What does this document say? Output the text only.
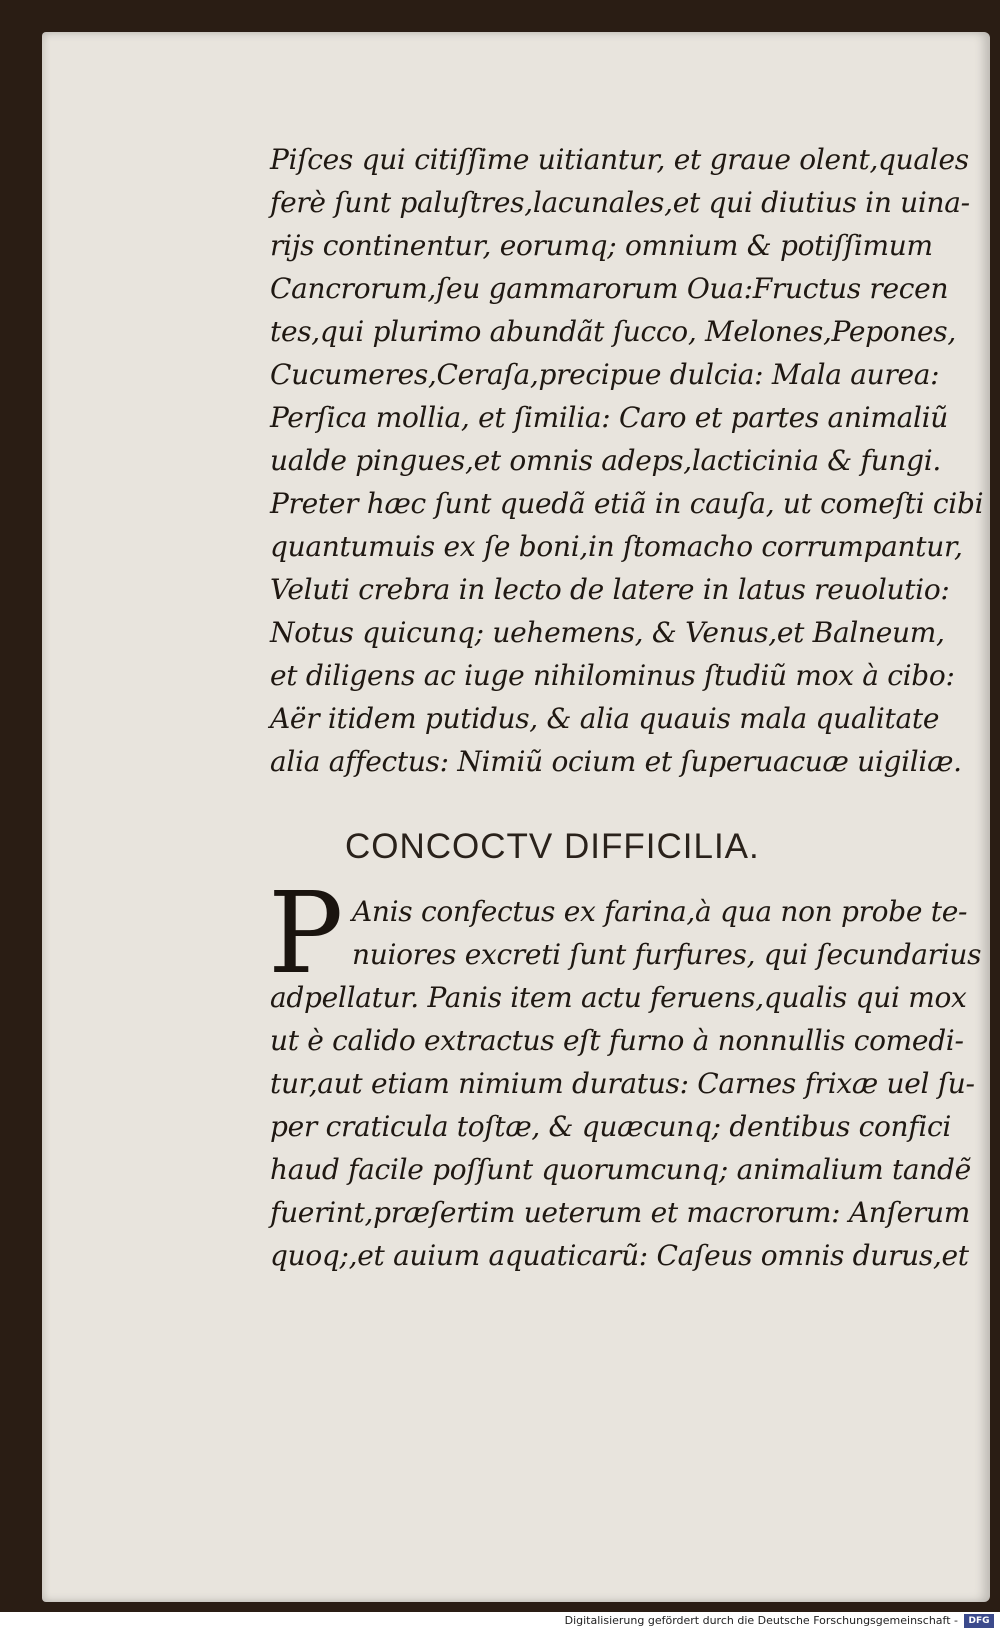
Piſces qui citiſſime uitiantur, et graue olent,quales
ferè ſunt paluſtres,lacunales,et qui diutius in uina-
rijs continentur, eorumq; omnium & potiſſimum
Cancrorum,ſeu gammarorum Oua:Fructus recen
tes,qui plurimo abundãt ſucco, Melones,Pepones,
Cucumeres,Ceraſa,precipue dulcia: Mala aurea:
Perſica mollia, et ſimilia: Caro et partes animaliũ
ualde pingues,et omnis adeps,lacticinia & fungi.
Preter hæc ſunt quedã etiã in cauſa, ut comeſti cibi
quantumuis ex ſe boni,in ſtomacho corrumpantur,
Veluti crebra in lecto de latere in latus reuolutio:
Notus quicunq; uehemens, & Venus,et Balneum,
et diligens ac iuge nihilominus ſtudiũ mox à cibo:
Aër itidem putidus, & alia quauis mala qualitate
alia affectus: Nimiũ ocium et ſuperuacuæ uigiliæ.
CONCOCTV DIFFICILIA.
P Anis confectus ex farina,à qua non probe te-
nuiores excreti ſunt furfures, qui ſecundarius
adpellatur. Panis item actu feruens,qualis qui mox
ut è calido extractus eſt furno à nonnullis comedi-
tur,aut etiam nimium duratus: Carnes frixæ uel ſu-
per craticula toſtæ, & quæcunq; dentibus confici
haud facile poſſunt quorumcunq; animalium tandẽ
fuerint,præſertim ueterum et macrorum: Anſerum
quoq;,et auium aquaticarũ: Caſeus omnis durus,et
Digitalisierung gefördert durch die Deutsche Forschungsgemeinschaft -	DFG
